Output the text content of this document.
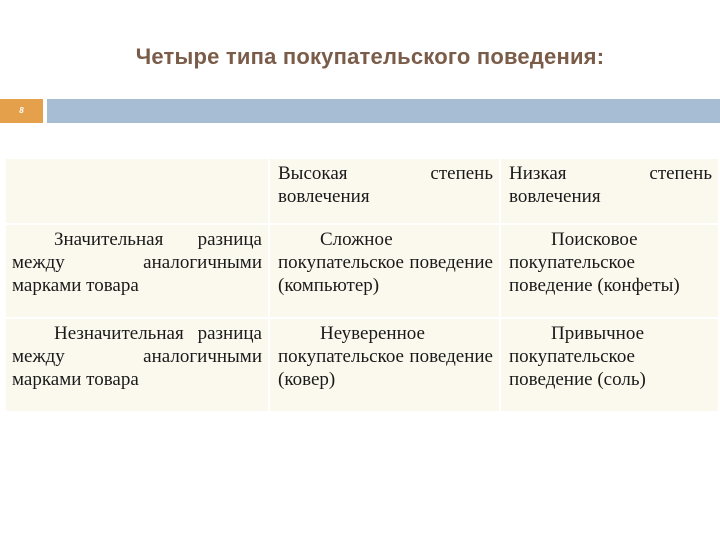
Четыре типа покупательского поведения:
8

	Высокая степень вовлечения	Низкая степень вовлечения

Значительная разница между аналогичными марками товара	Сложное покупательское поведение (компьютер)	Поисковое покупательское поведение (конфеты)

Незначительная разница между аналогичными марками товара	Неуверенное покупательское поведение (ковер)	Привычное покупательское поведение (соль)
